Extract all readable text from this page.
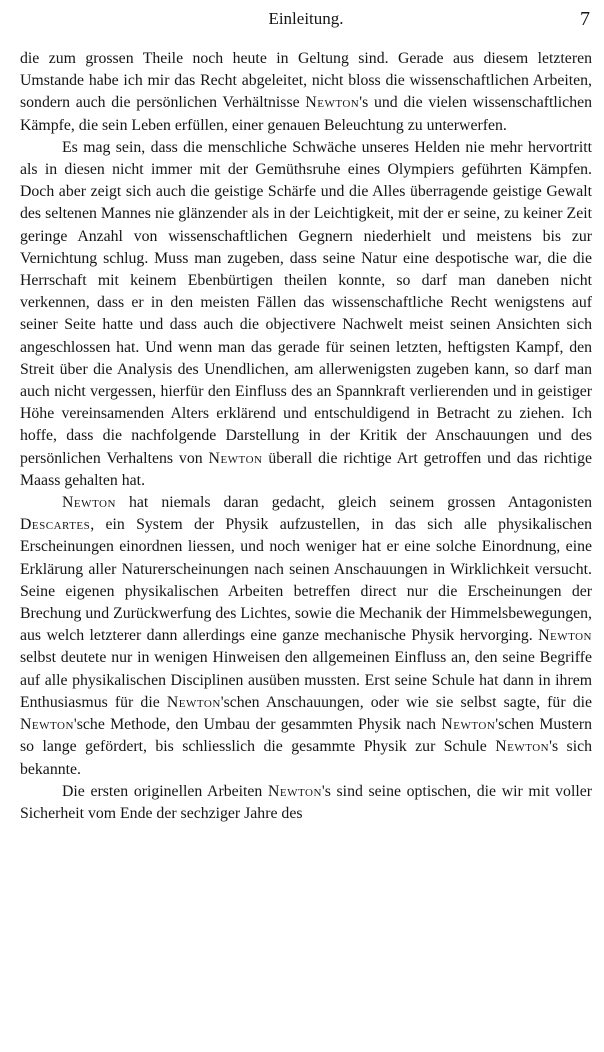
Einleitung.	7

die zum grossen Theile noch heute in Geltung sind. Gerade aus diesem letzteren Umstande habe ich mir das Recht abgeleitet, nicht bloss die wissenschaftlichen Arbeiten, sondern auch die persönlichen Verhältnisse Newton's und die vielen wissenschaftlichen Kämpfe, die sein Leben erfüllen, einer genauen Beleuchtung zu unterwerfen.

Es mag sein, dass die menschliche Schwäche unseres Helden nie mehr hervortritt als in diesen nicht immer mit der Gemüthsruhe eines Olympiers geführten Kämpfen. Doch aber zeigt sich auch die geistige Schärfe und die Alles überragende geistige Gewalt des seltenen Mannes nie glänzender als in der Leichtigkeit, mit der er seine, zu keiner Zeit geringe Anzahl von wissenschaftlichen Gegnern niederhielt und meistens bis zur Vernichtung schlug. Muss man zugeben, dass seine Natur eine despotische war, die die Herrschaft mit keinem Ebenbürtigen theilen konnte, so darf man daneben nicht verkennen, dass er in den meisten Fällen das wissenschaftliche Recht wenigstens auf seiner Seite hatte und dass auch die objectivere Nachwelt meist seinen Ansichten sich angeschlossen hat. Und wenn man das gerade für seinen letzten, heftigsten Kampf, den Streit über die Analysis des Unendlichen, am allerwenigsten zugeben kann, so darf man auch nicht vergessen, hierfür den Einfluss des an Spannkraft verlierenden und in geistiger Höhe vereinsamenden Alters erklärend und entschuldigend in Betracht zu ziehen. Ich hoffe, dass die nachfolgende Darstellung in der Kritik der Anschauungen und des persönlichen Verhaltens von Newton überall die richtige Art getroffen und das richtige Maass gehalten hat.

Newton hat niemals daran gedacht, gleich seinem grossen Antagonisten Descartes, ein System der Physik aufzustellen, in das sich alle physikalischen Erscheinungen einordnen liessen, und noch weniger hat er eine solche Einordnung, eine Erklärung aller Naturerscheinungen nach seinen Anschauungen in Wirklichkeit versucht. Seine eigenen physikalischen Arbeiten betreffen direct nur die Erscheinungen der Brechung und Zurückwerfung des Lichtes, sowie die Mechanik der Himmelsbewegungen, aus welch letzterer dann allerdings eine ganze mechanische Physik hervorging. Newton selbst deutete nur in wenigen Hinweisen den allgemeinen Einfluss an, den seine Begriffe auf alle physikalischen Disciplinen ausüben mussten. Erst seine Schule hat dann in ihrem Enthusiasmus für die Newton'schen Anschauungen, oder wie sie selbst sagte, für die Newton'sche Methode, den Umbau der gesammten Physik nach Newton'schen Mustern so lange gefördert, bis schliesslich die gesammte Physik zur Schule Newton's sich bekannte.

Die ersten originellen Arbeiten Newton's sind seine optischen, die wir mit voller Sicherheit vom Ende der sechziger Jahre des
